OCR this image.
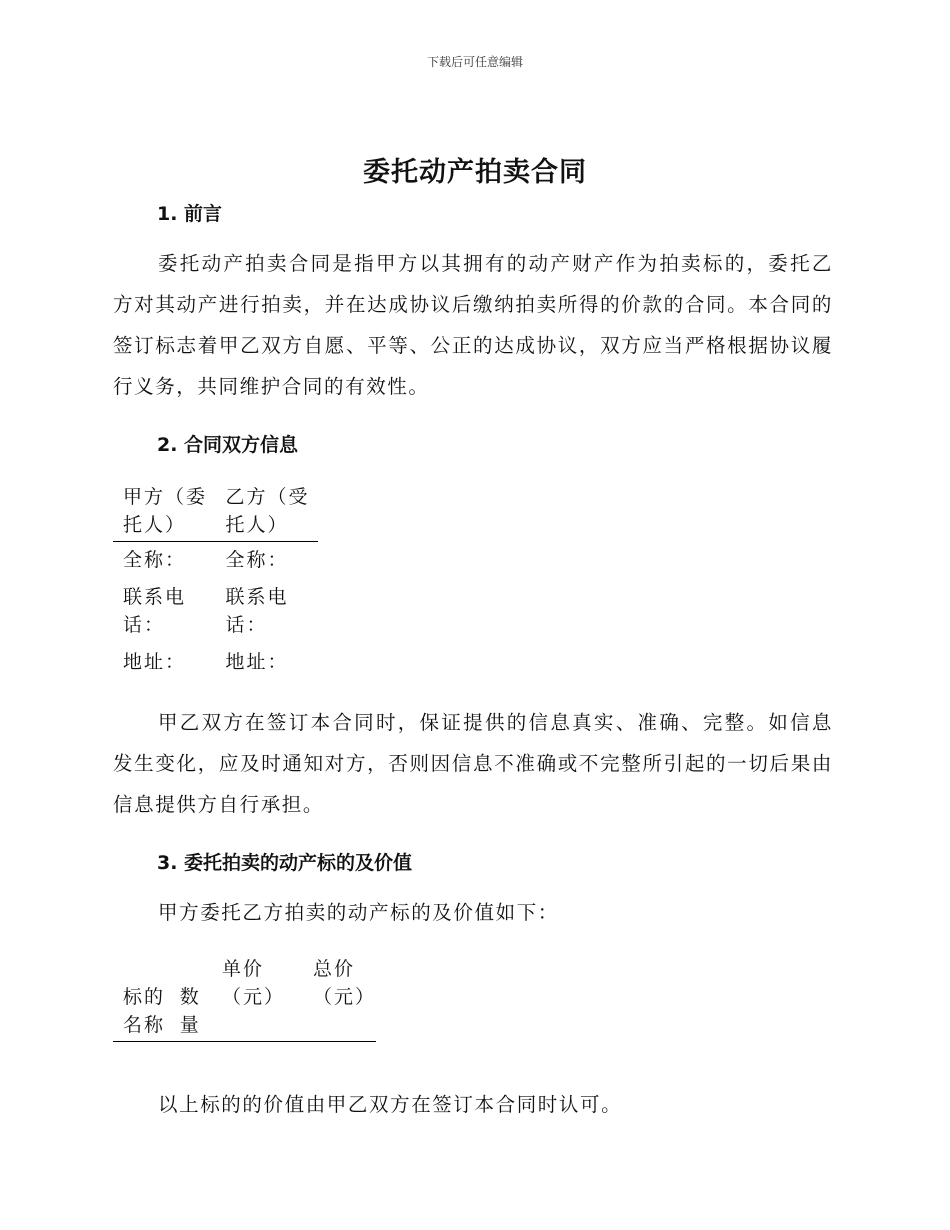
下载后可任意编辑
委托动产拍卖合同
1. 前言
委托动产拍卖合同是指甲方以其拥有的动产财产作为拍卖标的，委托乙方对其动产进行拍卖，并在达成协议后缴纳拍卖所得的价款的合同。本合同的签订标志着甲乙双方自愿、平等、公正的达成协议，双方应当严格根据协议履行义务，共同维护合同的有效性。
2. 合同双方信息
甲方（委托人）	乙方（受托人）
全称：	全称：
联系电话：	联系电话：
地址：	地址：
甲乙双方在签订本合同时，保证提供的信息真实、准确、完整。如信息发生变化，应及时通知对方，否则因信息不准确或不完整所引起的一切后果由信息提供方自行承担。
3. 委托拍卖的动产标的及价值
甲方委托乙方拍卖的动产标的及价值如下：
标的名称	数量	单价（元）	总价（元）
以上标的的价值由甲乙双方在签订本合同时认可。
